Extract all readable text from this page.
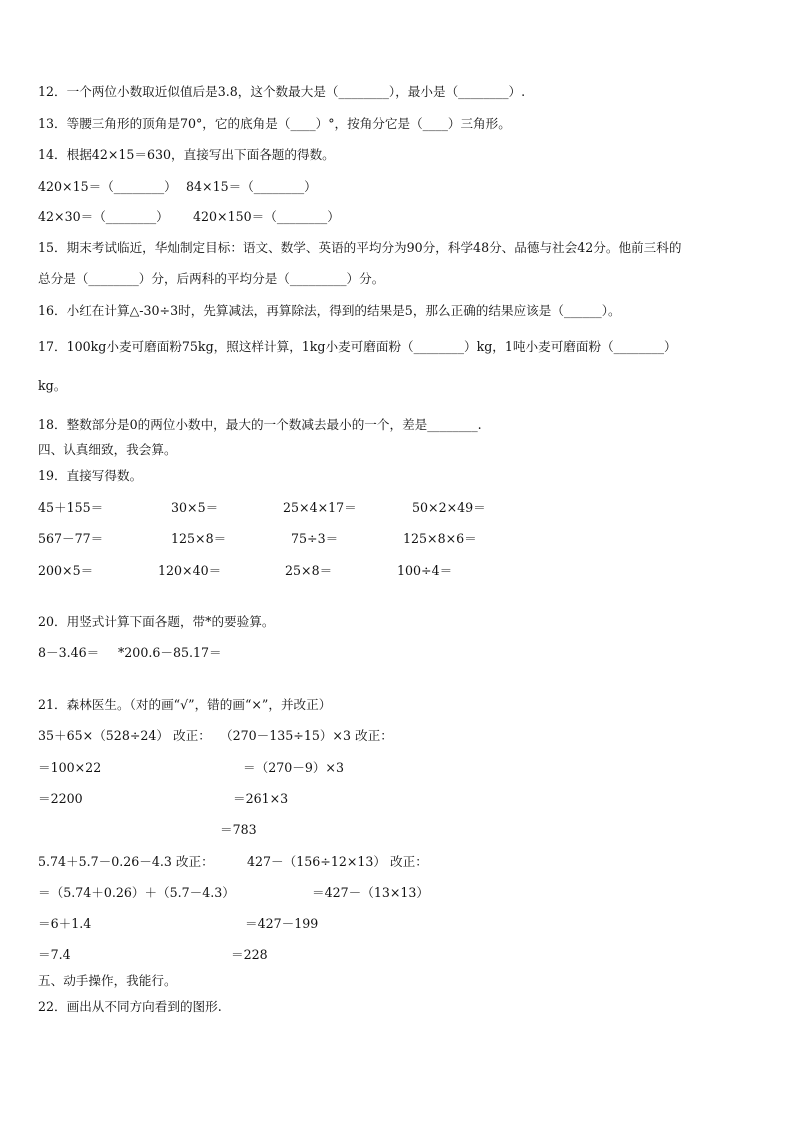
12．一个两位小数取近似值后是3.8，这个数最大是（________），最小是（________）.
13．等腰三角形的顶角是70°，它的底角是（____）°，按角分它是（____）三角形。
14．根据42×15＝630，直接写出下面各题的得数。
420×15＝（________） 84×15＝（________）
42×30＝（________） 420×150＝（________）
15．期末考试临近，华灿制定目标：语文、数学、英语的平均分为90分，科学48分、品德与社会42分。他前三科的
总分是（________）分，后两科的平均分是（_________）分。
16．小红在计算△-30÷3时，先算减法，再算除法，得到的结果是5，那么正确的结果应该是（______）。
17．100kg小麦可磨面粉75kg，照这样计算，1kg小麦可磨面粉（________）kg，1吨小麦可磨面粉（________）
kg。
18．整数部分是0的两位小数中，最大的一个数减去最小的一个，差是________.
四、认真细致，我会算。
19．直接写得数。
45＋155＝	30×5＝	25×4×17＝	50×2×49＝
567－77＝	125×8＝	75÷3＝	125×8×6＝
200×5＝	120×40＝	25×8＝	100÷4＝
20．用竖式计算下面各题，带*的要验算。
8－3.46＝ *200.6－85.17＝
21．森林医生。（对的画“√”，错的画“×”，并改正）
35＋65×（528÷24） 改正： （270－135÷15）×3 改正：
＝100×22	＝（270－9）×3
＝2200	＝261×3
＝783
5.74＋5.7－0.26－4.3 改正：	427－（156÷12×13） 改正：
＝（5.74＋0.26）＋（5.7－4.3）	＝427－（13×13）
＝6＋1.4	＝427－199
＝7.4	＝228
五、动手操作，我能行。
22．画出从不同方向看到的图形.
